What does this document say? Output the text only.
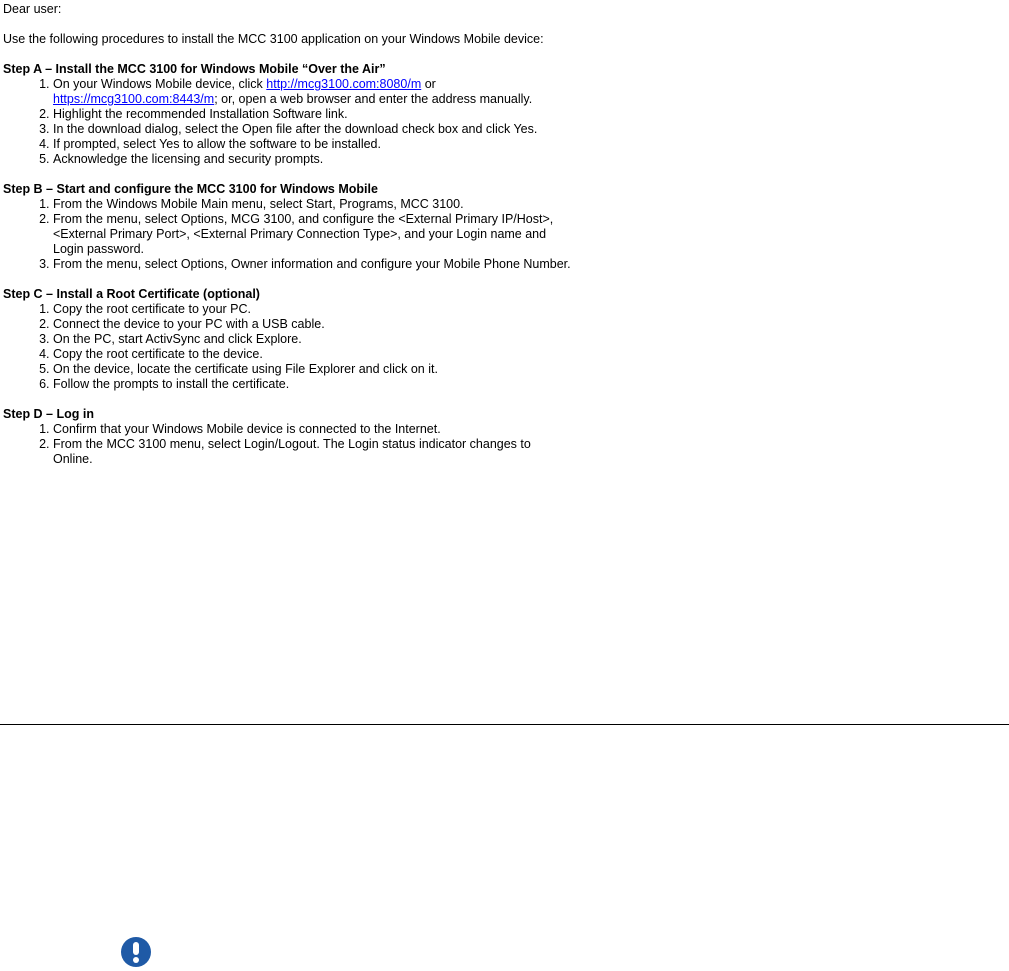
Dear user:

Use the following procedures to install the MCC 3100 application on your Windows Mobile device:

Step A – Install the MCC 3100 for Windows Mobile “Over the Air”

1. On your Windows Mobile device, click http://mcg3100.com:8080/m or https://mcg3100.com:8443/m; or, open a web browser and enter the address manually.
2. Highlight the recommended Installation Software link.
3. In the download dialog, select the Open file after the download check box and click Yes.
4. If prompted, select Yes to allow the software to be installed.
5. Acknowledge the licensing and security prompts.

Step B – Start and configure the MCC 3100 for Windows Mobile

1. From the Windows Mobile Main menu, select Start, Programs, MCC 3100.
2. From the menu, select Options, MCG 3100, and configure the <External Primary IP/Host>, <External Primary Port>, <External Primary Connection Type>, and your Login name and Login password.
3. From the menu, select Options, Owner information and configure your Mobile Phone Number.

Step C – Install a Root Certificate (optional)

1. Copy the root certificate to your PC.
2. Connect the device to your PC with a USB cable.
3. On the PC, start ActivSync and click Explore.
4. Copy the root certificate to the device.
5. On the device, locate the certificate using File Explorer and click on it.
6. Follow the prompts to install the certificate.

Step D – Log in

1. Confirm that your Windows Mobile device is connected to the Internet.
2. From the MCC 3100 menu, select Login/Logout. The Login status indicator changes to Online.
